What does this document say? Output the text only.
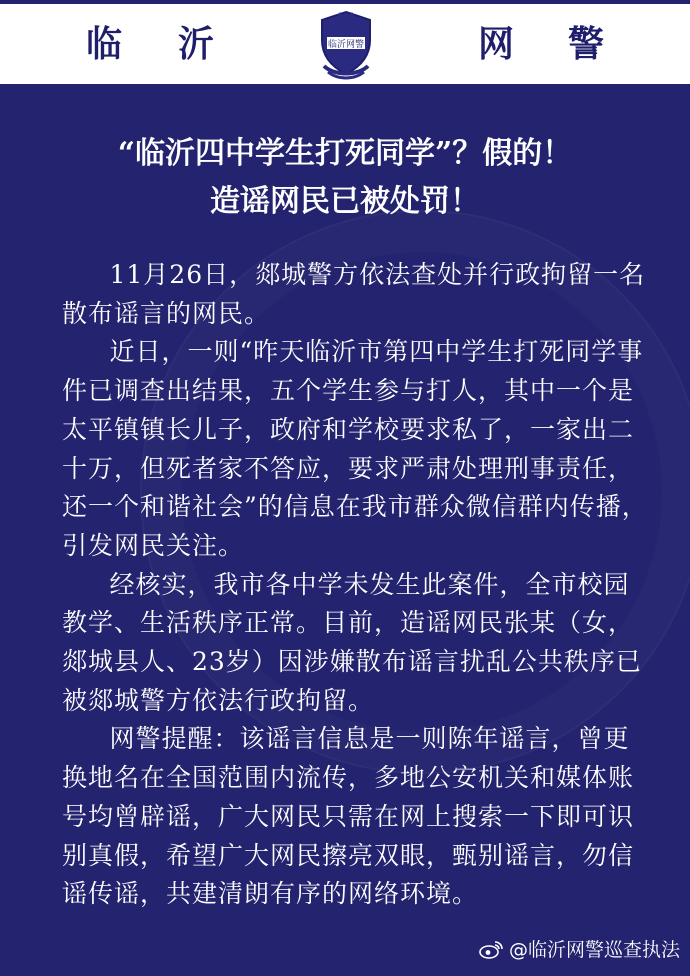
临 沂	临沂网警	网 警
“临沂四中学生打死同学”？假的！
造谣网民已被处罚！

11月26日，郯城警方依法查处并行政拘留一名散布谣言的网民。

近日，一则“昨天临沂市第四中学生打死同学事件已调查出结果，五个学生参与打人，其中一个是太平镇镇长儿子，政府和学校要求私了，一家出二十万，但死者家不答应，要求严肃处理刑事责任，还一个和谐社会”的信息在我市群众微信群内传播，引发网民关注。

经核实，我市各中学未发生此案件，全市校园教学、生活秩序正常。目前，造谣网民张某（女，郯城县人、23岁）因涉嫌散布谣言扰乱公共秩序已被郯城警方依法行政拘留。

网警提醒：该谣言信息是一则陈年谣言，曾更换地名在全国范围内流传，多地公安机关和媒体账号均曾辟谣，广大网民只需在网上搜索一下即可识别真假，希望广大网民擦亮双眼，甄别谣言，勿信谣传谣，共建清朗有序的网络环境。

@临沂网警巡查执法
